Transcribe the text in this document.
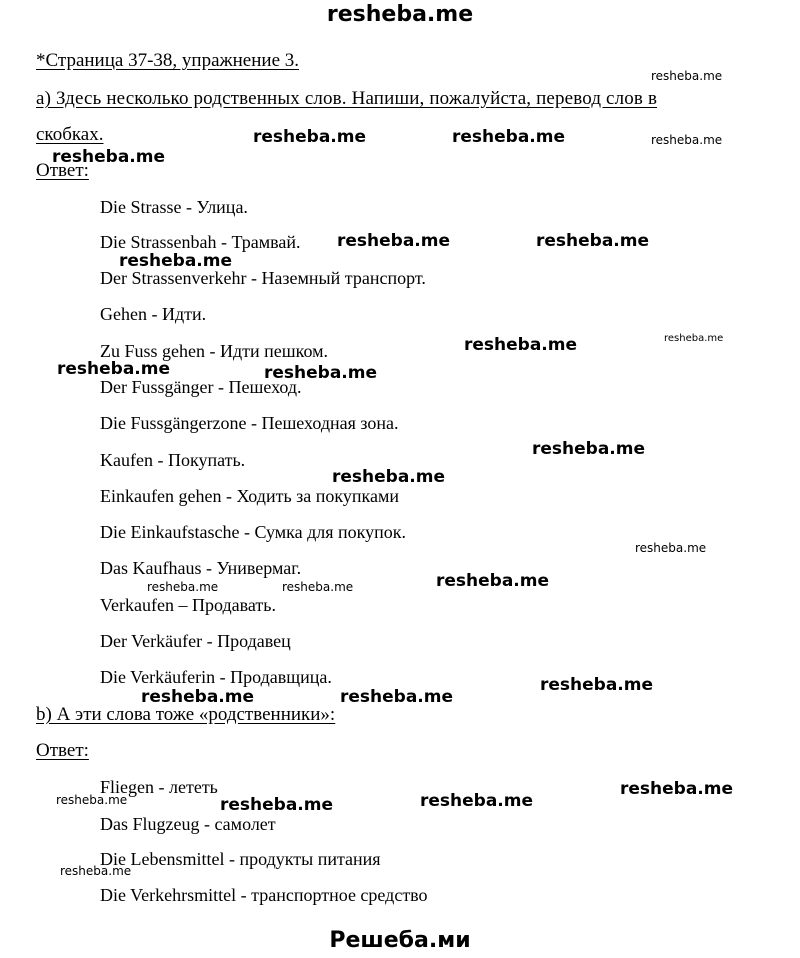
resheba.me
*Страница 37-38, упражнение 3.
a) Здесь несколько родственных слов. Напиши, пожалуйста, перевод слов в
скобках.
Ответ:
Die Strasse - Улица.
Die Strassenbah - Трамвай.
Der Strassenverkehr - Наземный транспорт.
Gehen - Идти.
Zu Fuss gehen - Идти пешком.
Der Fussgänger - Пешеход.
Die Fussgängerzone - Пешеходная зона.
Kaufen - Покупать.
Einkaufen gehen - Ходить за покупками
Die Einkaufstasche - Сумка для покупок.
Das Kaufhaus - Универмаг.
Verkaufen – Продавать.
Der Verkäufer - Продавец
Die Verkäuferin - Продавщица.
b) А эти слова тоже «родственники»:
Ответ:
Fliegen - лететь
Das Flugzeug - самолет
Die Lebensmittel - продукты питания
Die Verkehrsmittel - транспортное средство
resheba.me
resheba.me	resheba.me	resheba.me
resheba.me
resheba.me	resheba.me
resheba.me
resheba.me
resheba.me
resheba.me	resheba.me
resheba.me
resheba.me
resheba.me
resheba.me
resheba.me	resheba.me
resheba.me
resheba.me	resheba.me
resheba.me
resheba.me	resheba.me	resheba.me
resheba.me
Решеба.ми
